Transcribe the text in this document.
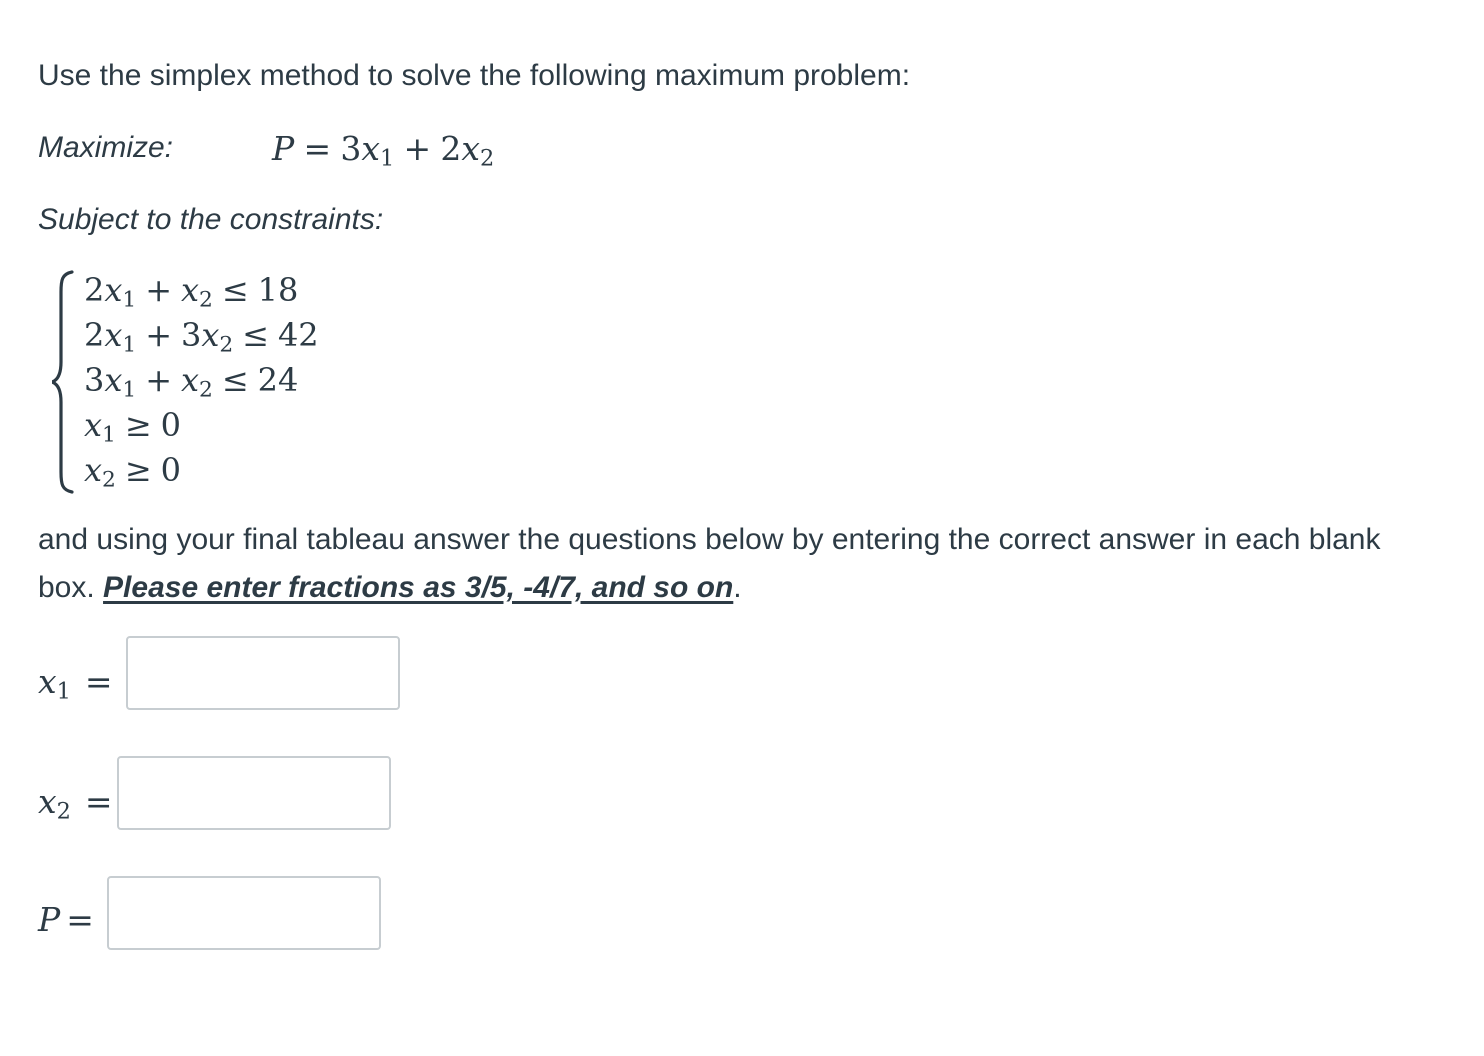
Use the simplex method to solve the following maximum problem:
Maximize:	$P = 3x_1 + 2x_2$
Subject to the constraints:
$2x_1 + x_2 \le 18$
$2x_1 + 3x_2 \le 42$
$3x_1 + x_2 \le 24$
$x_1 \ge 0$
$x_2 \ge 0$
and using your final tableau answer the questions below by entering the correct answer in each blank box. Please enter fractions as 3/5, -4/7, and so on.
$x_1$ =
$x_2$ =
P =
